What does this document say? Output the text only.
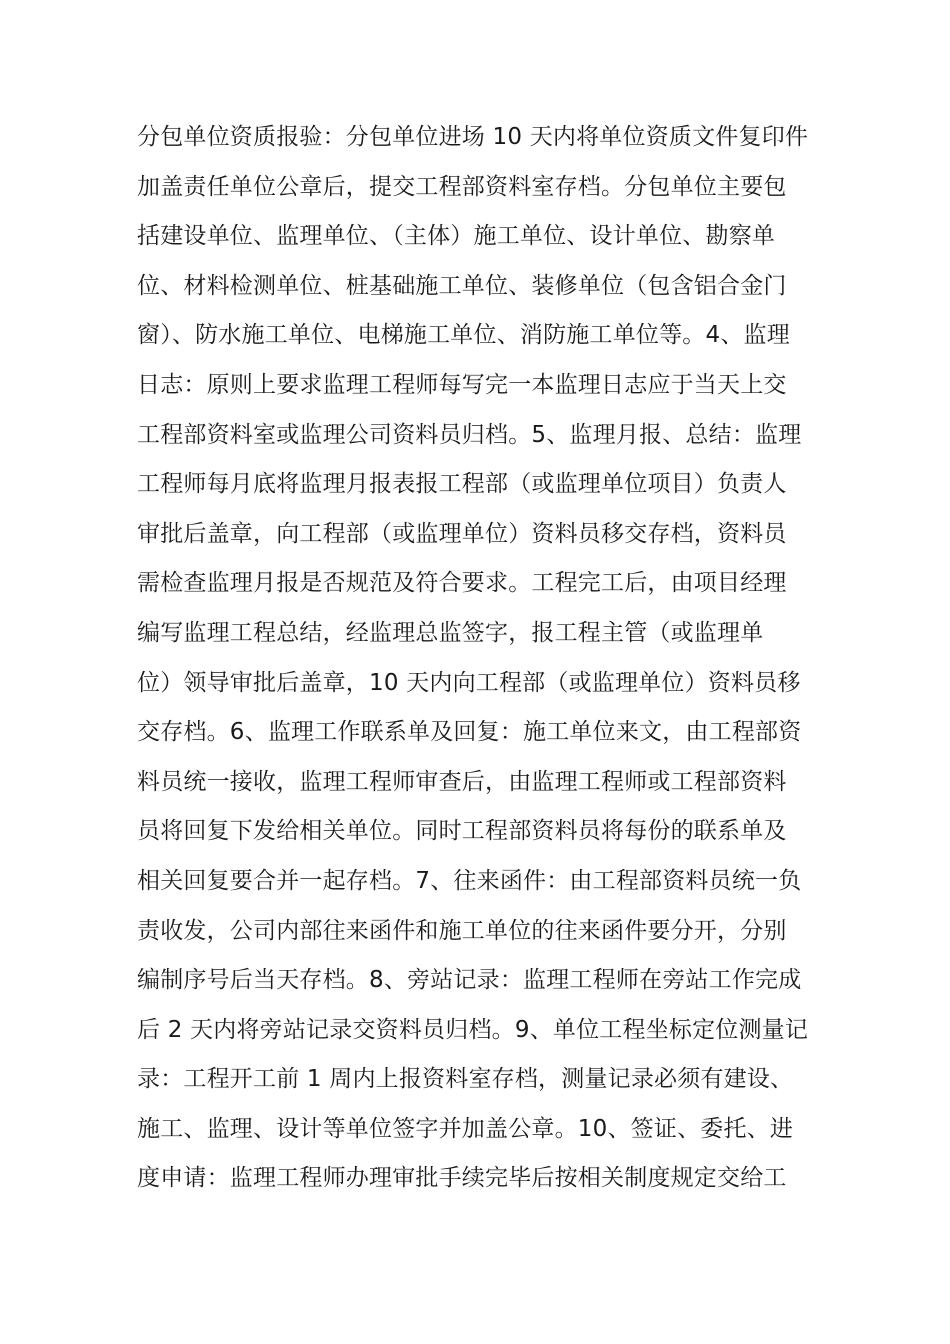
分包单位资质报验：分包单位进场 10 天内将单位资质文件复印件
加盖责任单位公章后，提交工程部资料室存档。分包单位主要包
括建设单位、监理单位、（主体）施工单位、设计单位、勘察单
位、材料检测单位、桩基础施工单位、装修单位（包含铝合金门
窗）、防水施工单位、电梯施工单位、消防施工单位等。4、监理
日志：原则上要求监理工程师每写完一本监理日志应于当天上交
工程部资料室或监理公司资料员归档。5、监理月报、总结：监理
工程师每月底将监理月报表报工程部（或监理单位项目）负责人
审批后盖章，向工程部（或监理单位）资料员移交存档，资料员
需检查监理月报是否规范及符合要求。工程完工后，由项目经理
编写监理工程总结，经监理总监签字，报工程主管（或监理单
位）领导审批后盖章，10 天内向工程部（或监理单位）资料员移
交存档。6、监理工作联系单及回复：施工单位来文，由工程部资
料员统一接收，监理工程师审查后，由监理工程师或工程部资料
员将回复下发给相关单位。同时工程部资料员将每份的联系单及
相关回复要合并一起存档。7、往来函件：由工程部资料员统一负
责收发，公司内部往来函件和施工单位的往来函件要分开，分别
编制序号后当天存档。8、旁站记录：监理工程师在旁站工作完成
后 2 天内将旁站记录交资料员归档。9、单位工程坐标定位测量记
录：工程开工前 1 周内上报资料室存档，测量记录必须有建设、
施工、监理、设计等单位签字并加盖公章。10、签证、委托、进
度申请：监理工程师办理审批手续完毕后按相关制度规定交给工
